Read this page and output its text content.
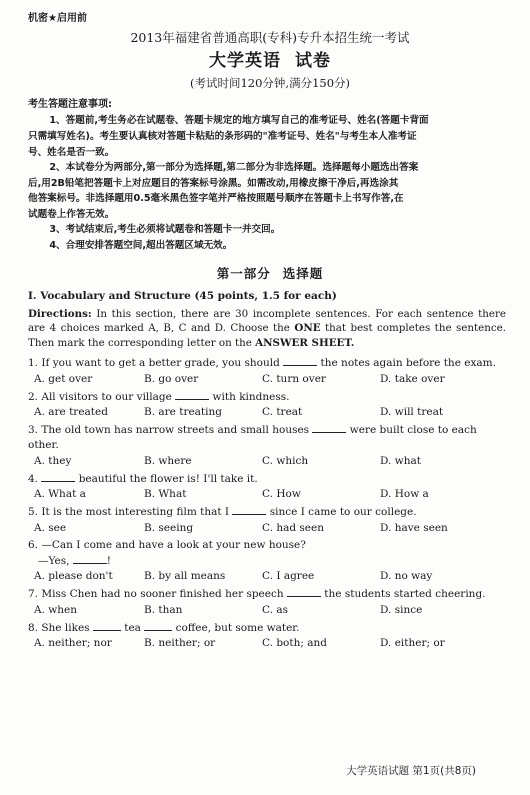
机密★启用前
2013年福建省普通高职(专科)专升本招生统一考试
大学英语 试卷
(考试时间120分钟,满分150分)
考生答题注意事项:

1、答题前,考生务必在试题卷、答题卡规定的地方填写自己的准考证号、姓名(答题卡背面

只需填写姓名)。考生要认真核对答题卡粘贴的条形码的"准考证号、姓名"与考生本人准考证

号、姓名是否一致。

2、本试卷分为两部分,第一部分为选择题,第二部分为非选择题。选择题每小题选出答案

后,用2B铅笔把答题卡上对应题目的答案标号涂黑。如需改动,用橡皮擦干净后,再选涂其

他答案标号。非选择题用0.5毫米黑色签字笔并严格按照题号顺序在答题卡上书写作答,在

试题卷上作答无效。

3、考试结束后,考生必须将试题卷和答题卡一并交回。

4、合理安排答题空间,超出答题区域无效。

第一部分 选择题
I. Vocabulary and Structure (45 points, 1.5 for each)
Directions: In this section, there are 30 incomplete sentences. For each sentence there are 4 choices marked A, B, C and D. Choose the ONE that best completes the sentence. Then mark the corresponding letter on the ANSWER SHEET.
1. If you want to get a better grade, you should	the notes again before the exam.
A. get over	B. go over	C. turn over	D. take over
2. All visitors to our village	with kindness.
A. are treated	B. are treating	C. treat	D. will treat
3. The old town has narrow streets and small houses	were built close to each other.
A. they	B. where	C. which	D. what
4.	beautiful the flower is! I'll take it.
A. What a	B. What	C. How	D. How a
5. It is the most interesting film that I	since I came to our college.
A. see	B. seeing	C. had seen	D. have seen
6. —Can I come and have a look at your new house?
—Yes,	!
A. please don't	B. by all means	C. I agree	D. no way
7. Miss Chen had no sooner finished her speech	the students started cheering.
A. when	B. than	C. as	D. since
8. She likes	tea	coffee, but some water.
A. neither; nor	B. neither; or	C. both; and	D. either; or
大学英语试题 第1页(共8页)
